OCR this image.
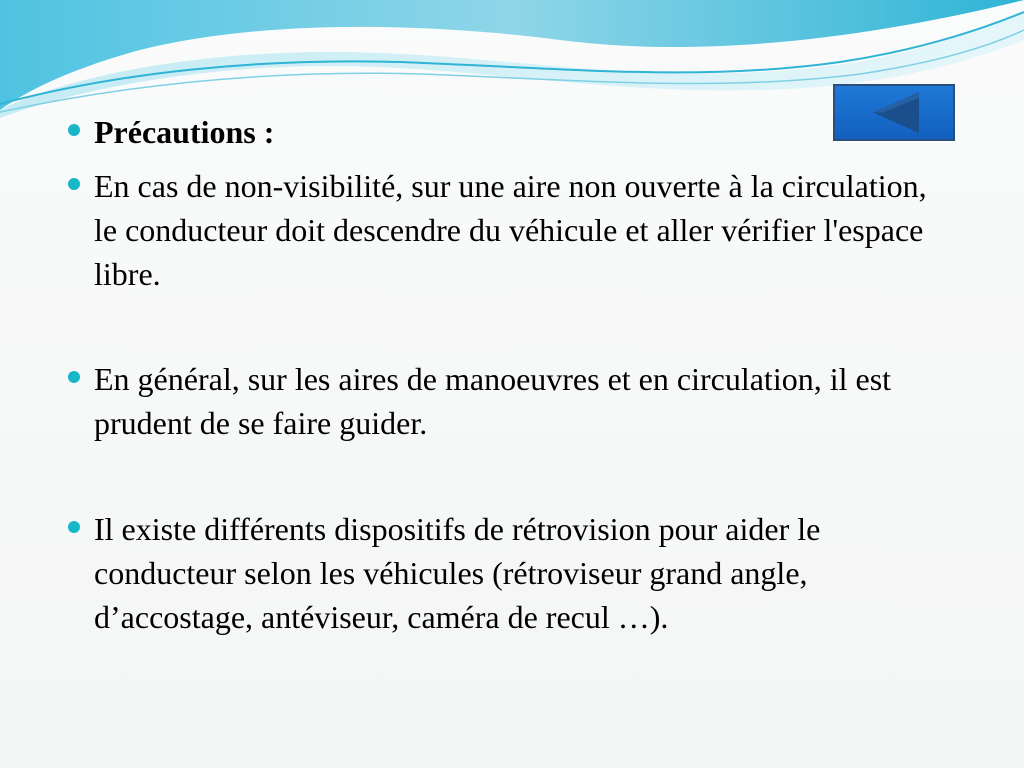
Précautions :
En cas de non-visibilité, sur une aire non ouverte à la circulation, le conducteur doit descendre du véhicule et aller vérifier l'espace libre.
En général, sur les aires de manoeuvres et en circulation, il est prudent de se faire guider.
Il existe différents dispositifs de rétrovision pour aider le conducteur selon les véhicules (rétroviseur grand angle, d’accostage, antéviseur, caméra de recul …).
